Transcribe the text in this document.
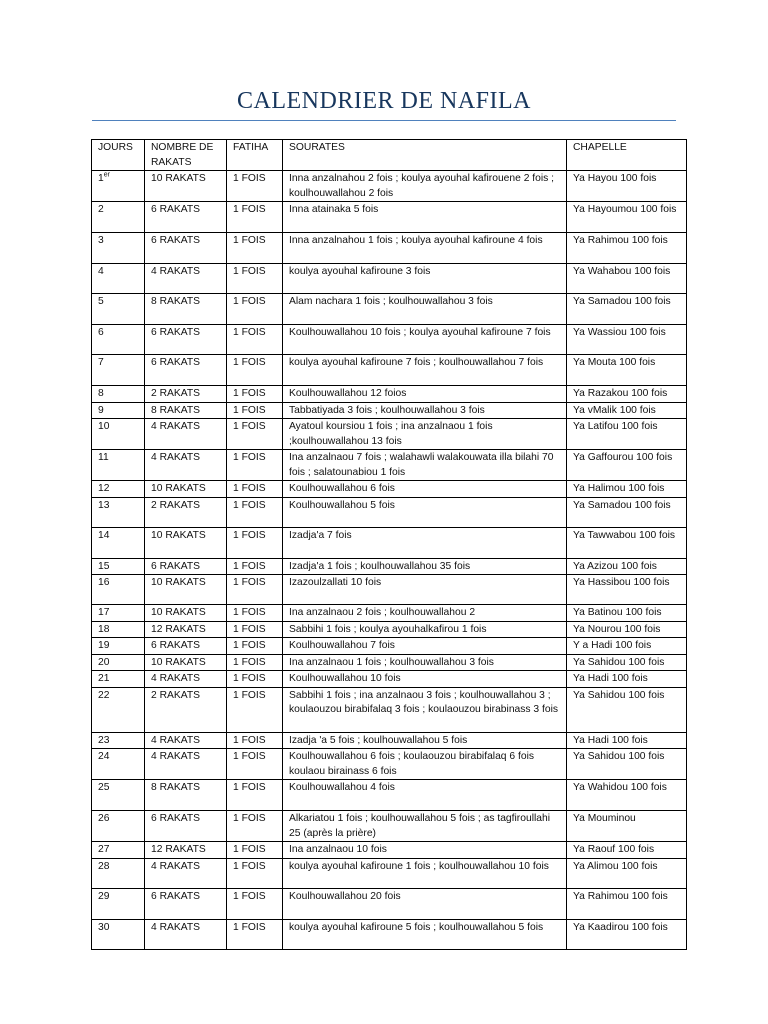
CALENDRIER DE NAFILA
JOURS	NOMBRE DE RAKATS	FATIHA	SOURATES	CHAPELLE
1er	10 RAKATS	1 FOIS	Inna anzalnahou 2 fois ; koulya ayouhal kafirouene 2 fois ; koulhouwallahou 2 fois	Ya Hayou 100 fois
2	6 RAKATS	1 FOIS	Inna atainaka 5 fois	Ya Hayoumou 100 fois
3	6 RAKATS	1 FOIS	Inna anzalnahou 1 fois ; koulya ayouhal kafiroune 4 fois	Ya Rahimou 100 fois
4	4 RAKATS	1 FOIS	koulya ayouhal kafiroune 3 fois	Ya Wahabou 100 fois
5	8 RAKATS	1 FOIS	Alam nachara 1 fois ; koulhouwallahou 3 fois	Ya Samadou 100 fois
6	6 RAKATS	1 FOIS	Koulhouwallahou 10 fois ; koulya ayouhal kafiroune 7 fois	Ya Wassiou 100 fois
7	6 RAKATS	1 FOIS	koulya ayouhal kafiroune 7 fois ; koulhouwallahou 7 fois	Ya Mouta 100 fois
8	2 RAKATS	1 FOIS	Koulhouwallahou 12 foios	Ya Razakou 100 fois
9	8 RAKATS	1 FOIS	Tabbatiyada 3 fois ; koulhouwallahou 3 fois	Ya vMalik 100 fois
10	4 RAKATS	1 FOIS	Ayatoul koursiou 1 fois ; ina anzalnaou 1 fois ;koulhouwallahou 13 fois	Ya Latifou 100 fois
11	4 RAKATS	1 FOIS	Ina anzalnaou 7 fois ; walahawli walakouwata illa bilahi 70 fois ; salatounabiou 1 fois	Ya Gaffourou 100 fois
12	10 RAKATS	1 FOIS	Koulhouwallahou 6 fois	Ya Halimou 100 fois
13	2 RAKATS	1 FOIS	Koulhouwallahou 5 fois	Ya Samadou 100 fois
14	10 RAKATS	1 FOIS	Izadja'a 7 fois	Ya Tawwabou 100 fois
15	6 RAKATS	1 FOIS	Izadja'a 1 fois ; koulhouwallahou 35 fois	Ya Azizou 100 fois
16	10 RAKATS	1 FOIS	Izazoulzallati 10 fois	Ya Hassibou 100 fois
17	10 RAKATS	1 FOIS	Ina anzalnaou 2 fois ; koulhouwallahou 2	Ya Batinou 100 fois
18	12 RAKATS	1 FOIS	Sabbihi 1 fois ; koulya ayouhalkafirou 1 fois	Ya Nourou 100 fois
19	6 RAKATS	1 FOIS	Koulhouwallahou 7 fois	Y a Hadi 100 fois
20	10 RAKATS	1 FOIS	Ina anzalnaou 1 fois ; koulhouwallahou 3 fois	Ya Sahidou 100 fois
21	4 RAKATS	1 FOIS	Koulhouwallahou 10 fois	Ya Hadi 100 fois
22	2 RAKATS	1 FOIS	Sabbihi 1 fois ; ina anzalnaou 3 fois ; koulhouwallahou 3 ; koulaouzou birabifalaq 3 fois ; koulaouzou birabinass 3 fois	Ya Sahidou 100 fois
23	4 RAKATS	1 FOIS	Izadja 'a 5 fois ; koulhouwallahou 5 fois	Ya Hadi 100 fois
24	4 RAKATS	1 FOIS	Koulhouwallahou 6 fois ; koulaouzou birabifalaq 6 fois koulaou birainass 6 fois	Ya Sahidou 100 fois
25	8 RAKATS	1 FOIS	Koulhouwallahou 4 fois	Ya Wahidou 100 fois
26	6 RAKATS	1 FOIS	Alkariatou 1 fois ; koulhouwallahou 5 fois ; as tagfiroullahi 25 (après la prière)	Ya Mouminou
27	12 RAKATS	1 FOIS	Ina anzalnaou 10 fois	Ya Raouf 100 fois
28	4 RAKATS	1 FOIS	koulya ayouhal kafiroune 1 fois ; koulhouwallahou 10 fois	Ya Alimou 100 fois
29	6 RAKATS	1 FOIS	Koulhouwallahou 20 fois	Ya Rahimou 100 fois
30	4 RAKATS	1 FOIS	koulya ayouhal kafiroune 5 fois ; koulhouwallahou 5 fois	Ya Kaadirou 100 fois
